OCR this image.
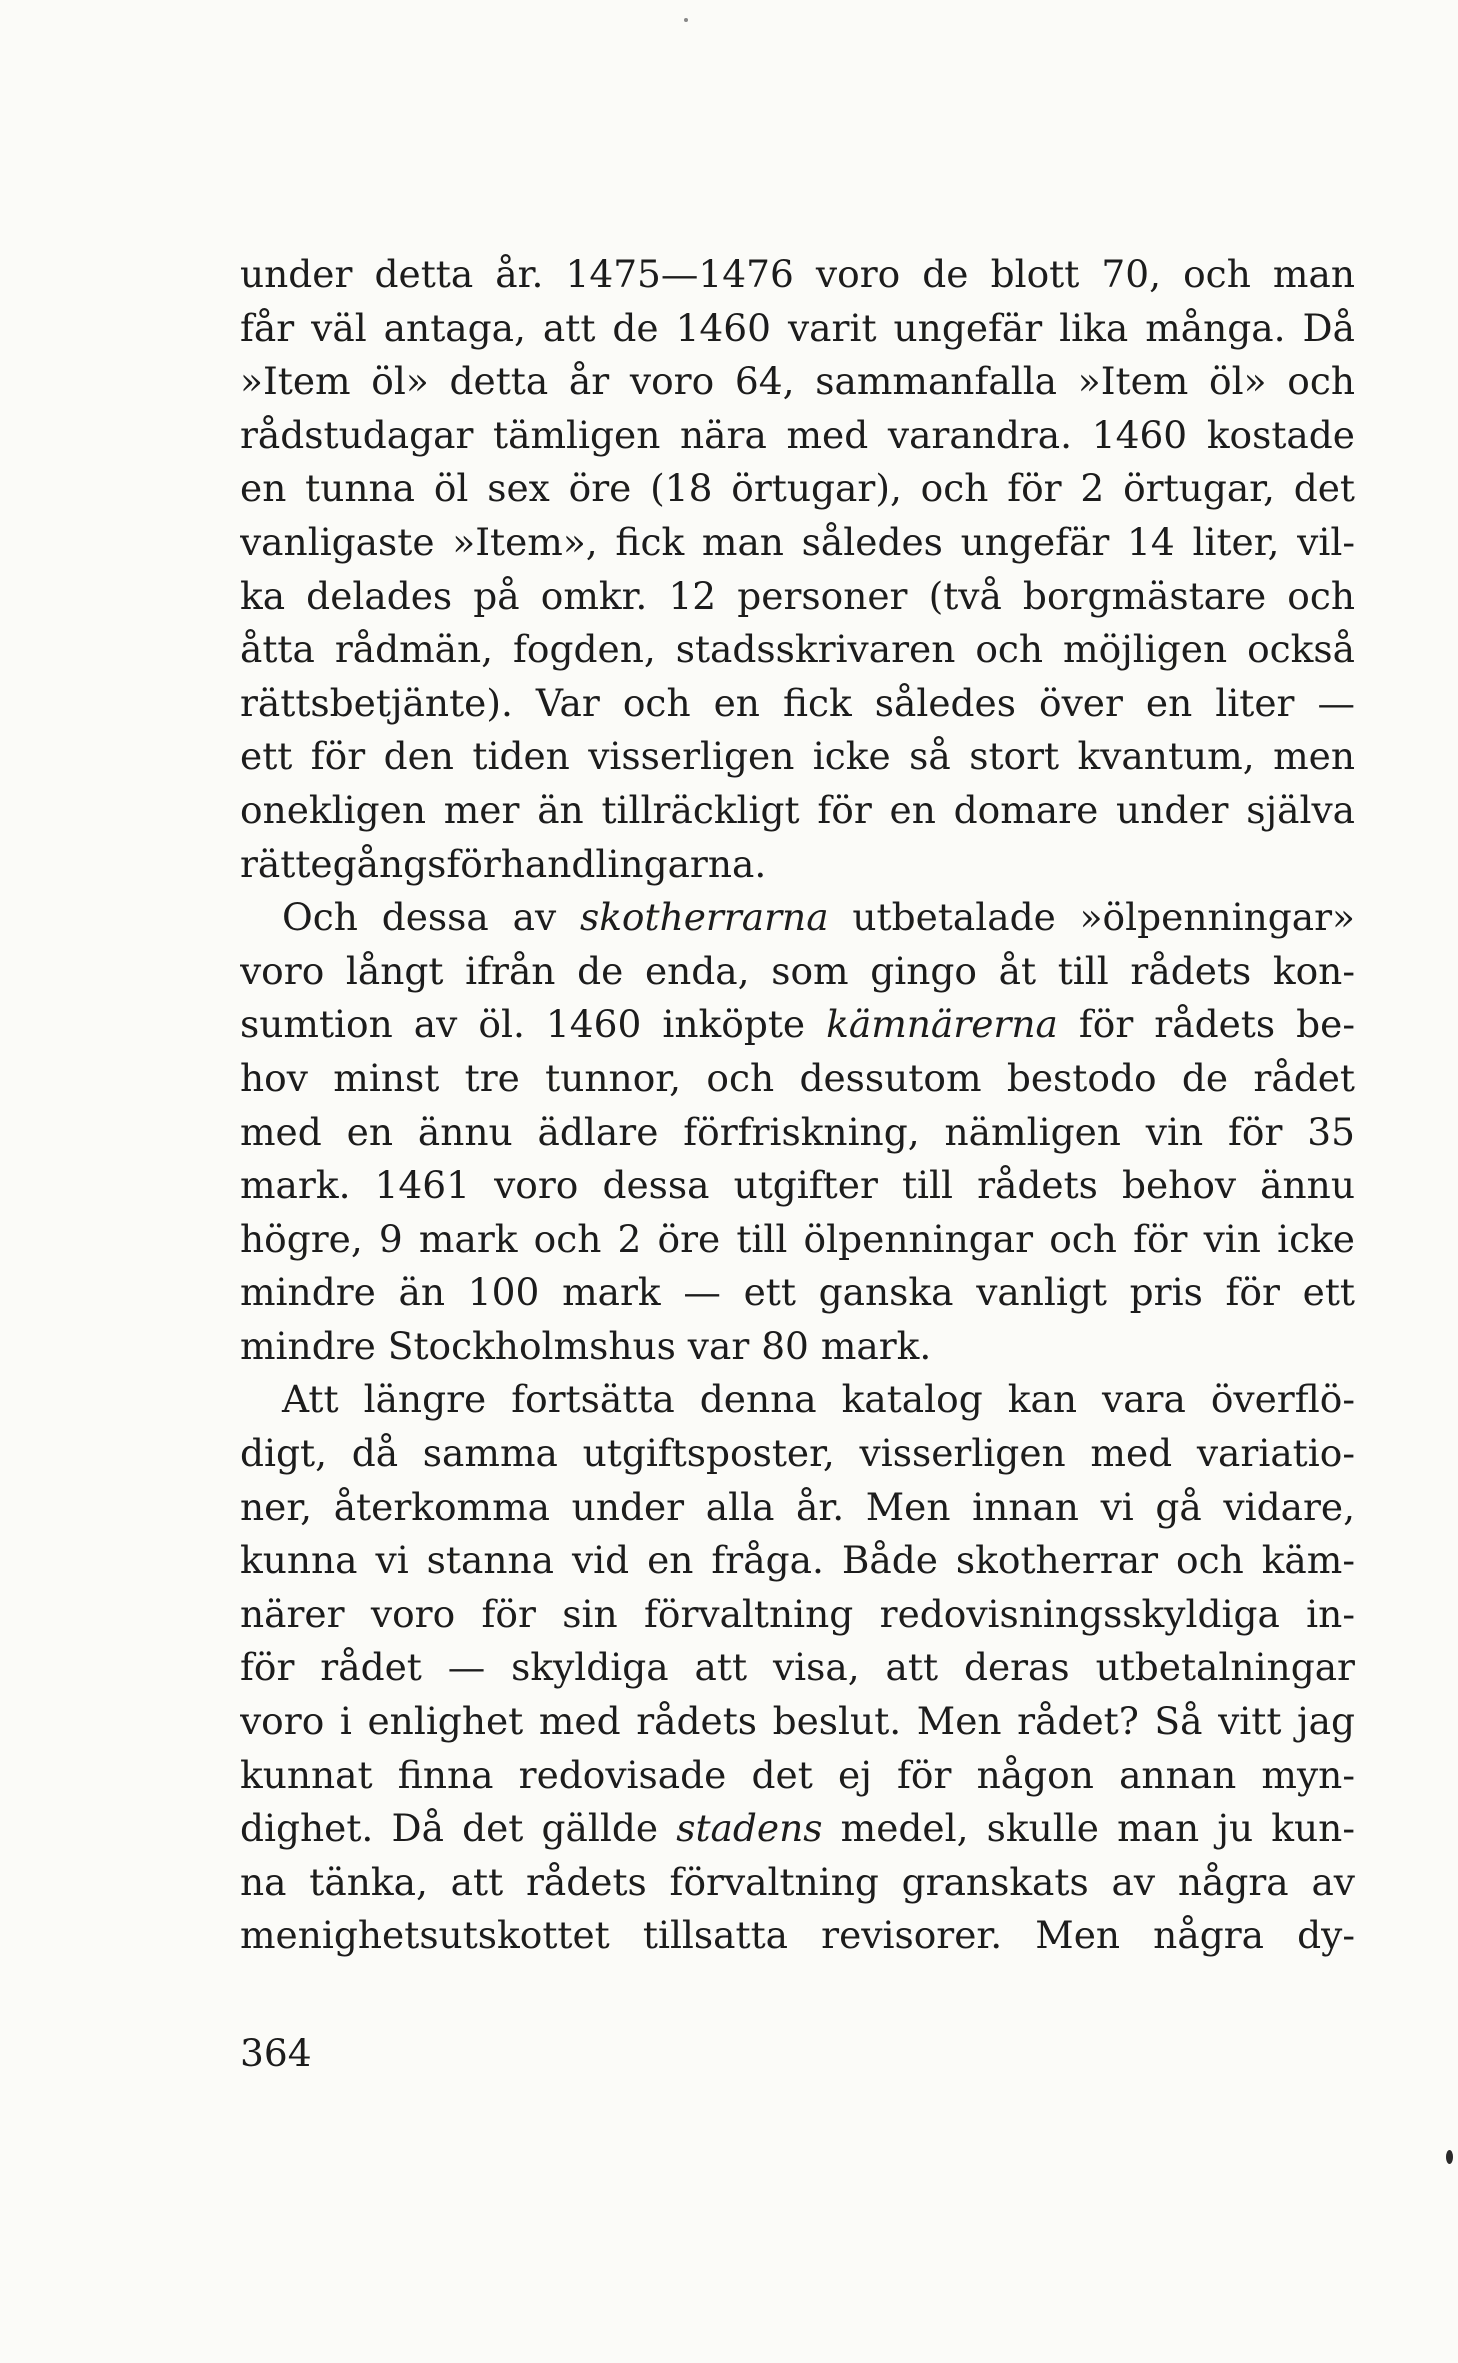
under detta år. 1475—1476 voro de blott 70, och man
får väl antaga, att de 1460 varit ungefär lika många. Då
»Item öl» detta år voro 64, sammanfalla »Item öl» och
rådstudagar tämligen nära med varandra. 1460 kostade
en tunna öl sex öre (18 örtugar), och för 2 örtugar, det
vanligaste »Item», fick man således ungefär 14 liter, vil-
ka delades på omkr. 12 personer (två borgmästare och
åtta rådmän, fogden, stadsskrivaren och möjligen också
rättsbetjänte). Var och en fick således över en liter —
ett för den tiden visserligen icke så stort kvantum, men
onekligen mer än tillräckligt för en domare under själva
rättegångsförhandlingarna.
Och dessa av skotherrarna utbetalade »ölpenningar»
voro långt ifrån de enda, som gingo åt till rådets kon-
sumtion av öl. 1460 inköpte kämnärerna för rådets be-
hov minst tre tunnor, och dessutom bestodo de rådet
med en ännu ädlare förfriskning, nämligen vin för 35
mark. 1461 voro dessa utgifter till rådets behov ännu
högre, 9 mark och 2 öre till ölpenningar och för vin icke
mindre än 100 mark — ett ganska vanligt pris för ett
mindre Stockholmshus var 80 mark.
Att längre fortsätta denna katalog kan vara överflö-
digt, då samma utgiftsposter, visserligen med variatio-
ner, återkomma under alla år. Men innan vi gå vidare,
kunna vi stanna vid en fråga. Både skotherrar och käm-
närer voro för sin förvaltning redovisningsskyldiga in-
för rådet — skyldiga att visa, att deras utbetalningar
voro i enlighet med rådets beslut. Men rådet? Så vitt jag
kunnat finna redovisade det ej för någon annan myn-
dighet. Då det gällde stadens medel, skulle man ju kun-
na tänka, att rådets förvaltning granskats av några av
menighetsutskottet tillsatta revisorer. Men några dy-
364
